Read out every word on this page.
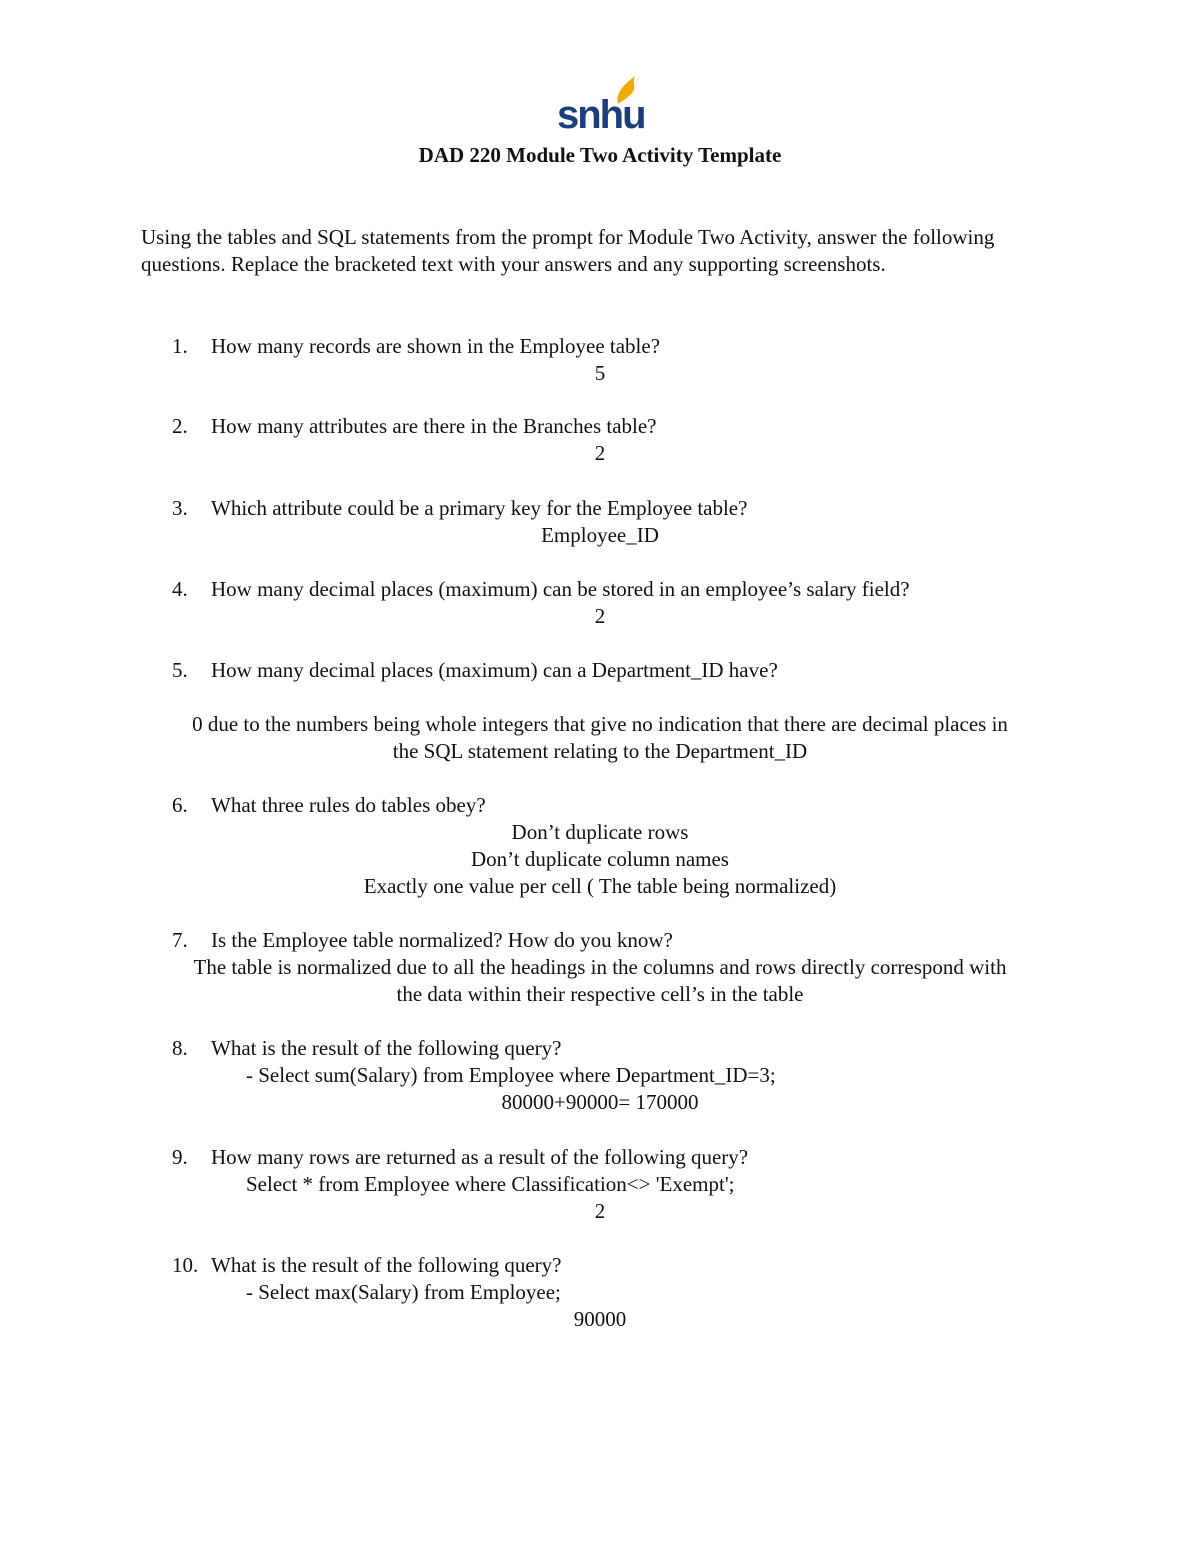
snhu
DAD 220 Module Two Activity Template
Using the tables and SQL statements from the prompt for Module Two Activity, answer the following questions. Replace the bracketed text with your answers and any supporting screenshots.
1. How many records are shown in the Employee table?
5
2. How many attributes are there in the Branches table?
2
3. Which attribute could be a primary key for the Employee table?
Employee_ID
4. How many decimal places (maximum) can be stored in an employee’s salary field?
2
5. How many decimal places (maximum) can a Department_ID have?
0 due to the numbers being whole integers that give no indication that there are decimal places in
the SQL statement relating to the Department_ID
6. What three rules do tables obey?
Don’t duplicate rows
Don’t duplicate column names
Exactly one value per cell ( The table being normalized)
7. Is the Employee table normalized? How do you know?
The table is normalized due to all the headings in the columns and rows directly correspond with
the data within their respective cell’s in the table
8. What is the result of the following query?
- Select sum(Salary) from Employee where Department_ID=3;
80000+90000= 170000
9. How many rows are returned as a result of the following query?
Select * from Employee where Classification<> 'Exempt';
2
10. What is the result of the following query?
- Select max(Salary) from Employee;
90000
